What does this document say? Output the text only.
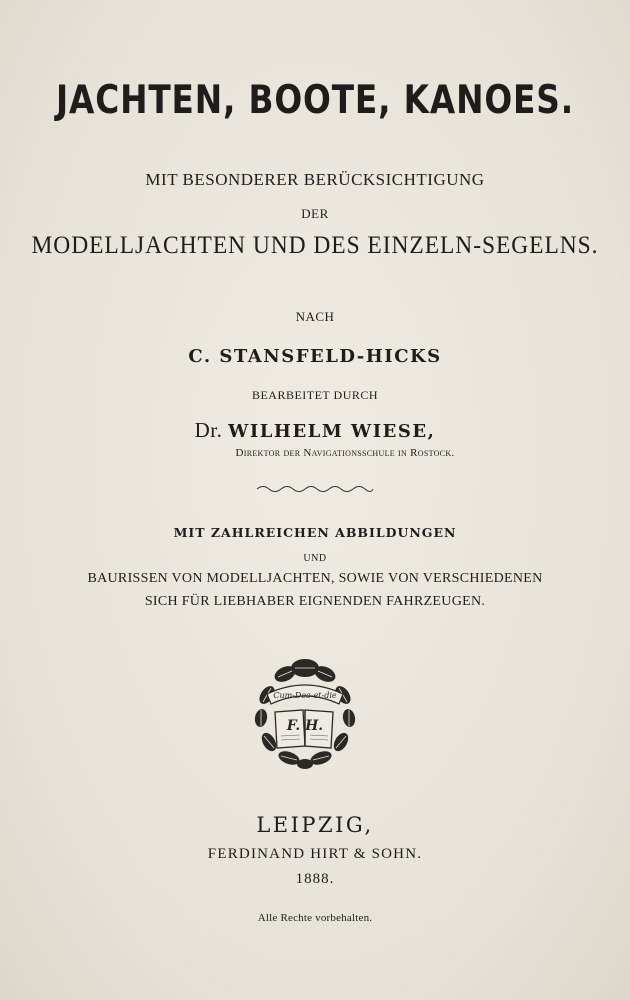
JACHTEN, BOOTE, KANOES.
MIT BESONDERER BERÜCKSICHTIGUNG
DER
MODELLJACHTEN UND DES EINZELN-SEGELNS.
NACH
C. STANSFELD-HICKS
BEARBEITET DURCH
Dr. WILHELM WIESE,
Direktor der Navigationsschule in Rostock.
MIT ZAHLREICHEN ABBILDUNGEN
UND
BAURISSEN VON MODELLJACHTEN, SOWIE VON VERSCHIEDENEN
SICH FÜR LIEBHABER EIGNENDEN FAHRZEUGEN.
Cum-Deo-et-die
F. H.
LEIPZIG,
FERDINAND HIRT & SOHN.
1888.
Alle Rechte vorbehalten.
